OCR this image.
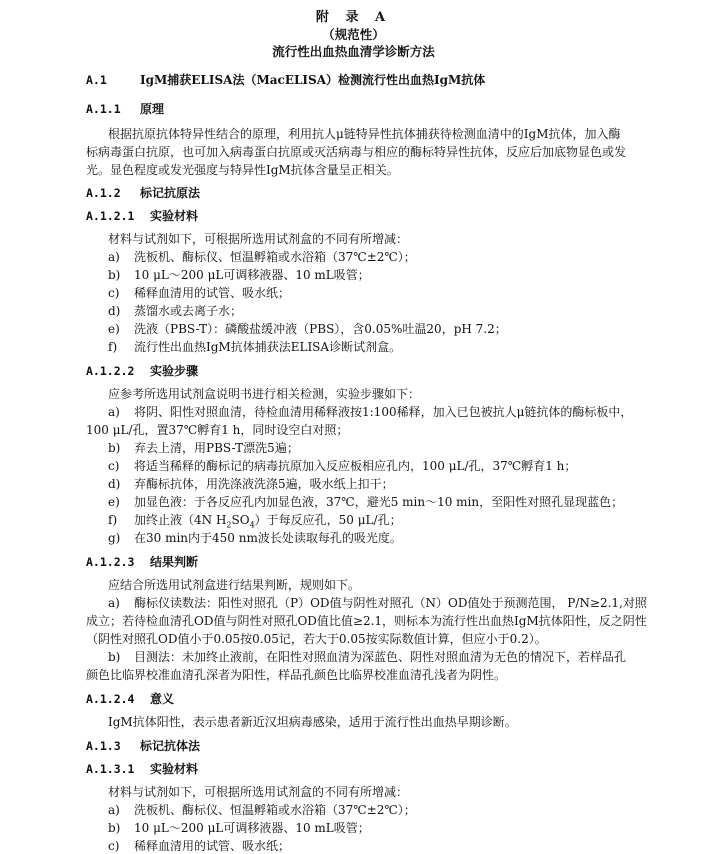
附 录 A
（规范性）
流行性出血热血清学诊断方法
A.1	IgM捕获ELISA法（MacELISA）检测流行性出血热IgM抗体
A.1.1 原理
根据抗原抗体特异性结合的原理，利用抗人μ链特异性抗体捕获待检测血清中的IgM抗体，加入酶
标病毒蛋白抗原，也可加入病毒蛋白抗原或灭活病毒与相应的酶标特异性抗体，反应后加底物显色或发
光。显色程度或发光强度与特异性IgM抗体含量呈正相关。
A.1.2 标记抗原法
A.1.2.1 实验材料
材料与试剂如下，可根据所选用试剂盒的不同有所增减：
a) 洗板机、酶标仪、恒温孵箱或水浴箱（37℃±2℃）；
b) 10 μL～200 μL可调移液器、10 mL吸管；
c) 稀释血清用的试管、吸水纸；
d) 蒸馏水或去离子水；
e) 洗液（PBS-T）：磷酸盐缓冲液（PBS），含0.05%吐温20，pH 7.2；
f) 流行性出血热IgM抗体捕获法ELISA诊断试剂盒。
A.1.2.2 实验步骤
应参考所选用试剂盒说明书进行相关检测，实验步骤如下：
a) 将阴、阳性对照血清，待检血清用稀释液按1:100稀释，加入已包被抗人μ链抗体的酶标板中，
100 μL/孔，置37℃孵育1 h，同时设空白对照；
b) 弃去上清，用PBS-T漂洗5遍；
c) 将适当稀释的酶标记的病毒抗原加入反应板相应孔内，100 μL/孔，37℃孵育1 h；
d) 弃酶标抗体，用洗涤液洗涤5遍，吸水纸上扣干；
e) 加显色液：于各反应孔内加显色液，37℃，避光5 min～10 min，至阳性对照孔显现蓝色；
f) 加终止液（4N $H_2SO_4$）于每反应孔，50 μL/孔；
g) 在30 min内于450 nm波长处读取每孔的吸光度。
A.1.2.3 结果判断
应结合所选用试剂盒进行结果判断，规则如下。
a) 酶标仪读数法：阳性对照孔（P）OD值与阴性对照孔（N）OD值处于预测范围， P/N≥2.1,对照
成立；若待检血清孔OD值与阴性对照孔OD值比值≥2.1，则标本为流行性出血热IgM抗体阳性，反之阴性
（阴性对照孔OD值小于0.05按0.05记，若大于0.05按实际数值计算，但应小于0.2）。
b) 目测法：未加终止液前，在阳性对照血清为深蓝色、阴性对照血清为无色的情况下，若样品孔
颜色比临界校准血清孔深者为阳性，样品孔颜色比临界校准血清孔浅者为阴性。
A.1.2.4 意义
IgM抗体阳性，表示患者新近汉坦病毒感染，适用于流行性出血热早期诊断。
A.1.3 标记抗体法
A.1.3.1 实验材料
材料与试剂如下，可根据所选用试剂盒的不同有所增减：
a) 洗板机、酶标仪、恒温孵箱或水浴箱（37℃±2℃）；
b) 10 μL～200 μL可调移液器、10 mL吸管；
c) 稀释血清用的试管、吸水纸；
